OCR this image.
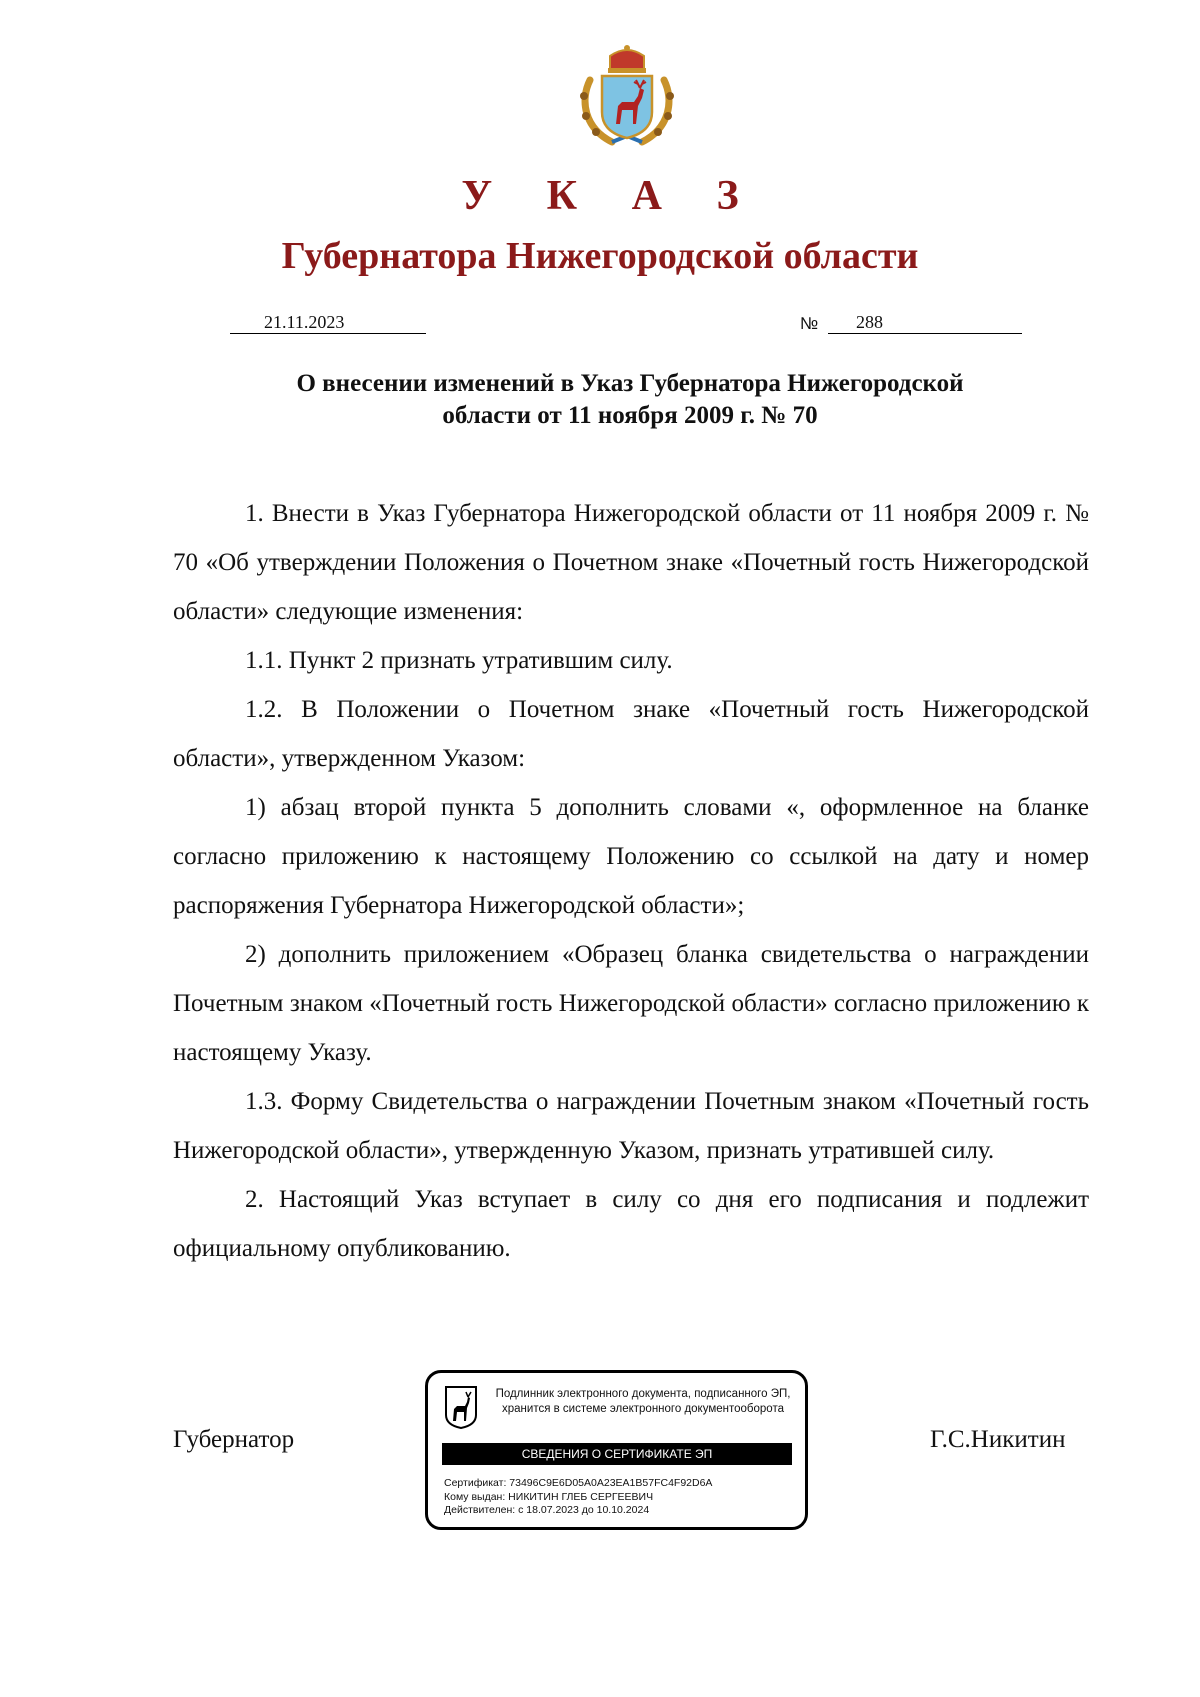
У К А З
Губернатора Нижегородской области
21.11.2023	№	288
О внесении изменений в Указ Губернатора Нижегородской
области от 11 ноября 2009 г. № 70

1. Внести в Указ Губернатора Нижегородской области от 11 ноября 2009 г. № 70 «Об утверждении Положения о Почетном знаке «Почетный гость Нижегородской области» следующие изменения:

1.1. Пункт 2 признать утратившим силу.

1.2. В Положении о Почетном знаке «Почетный гость Нижегородской области», утвержденном Указом:

1) абзац второй пункта 5 дополнить словами «, оформленное на бланке согласно приложению к настоящему Положению со ссылкой на дату и номер распоряжения Губернатора Нижегородской области»;

2) дополнить приложением «Образец бланка свидетельства о награждении Почетным знаком «Почетный гость Нижегородской области» согласно приложению к настоящему Указу.

1.3. Форму Свидетельства о награждении Почетным знаком «Почетный гость Нижегородской области», утвержденную Указом, признать утратившей силу.

2. Настоящий Указ вступает в силу со дня его подписания и подлежит официальному опубликованию.

Губернатор	Г.С.Никитин
Подлинник электронного документа, подписанного ЭП,
хранится в системе электронного документооборота
СВЕДЕНИЯ О СЕРТИФИКАТЕ ЭП
Сертификат: 73496C9E6D05A0A23EA1B57FC4F92D6A
Кому выдан: НИКИТИН ГЛЕБ СЕРГЕЕВИЧ
Действителен: с 18.07.2023 до 10.10.2024
